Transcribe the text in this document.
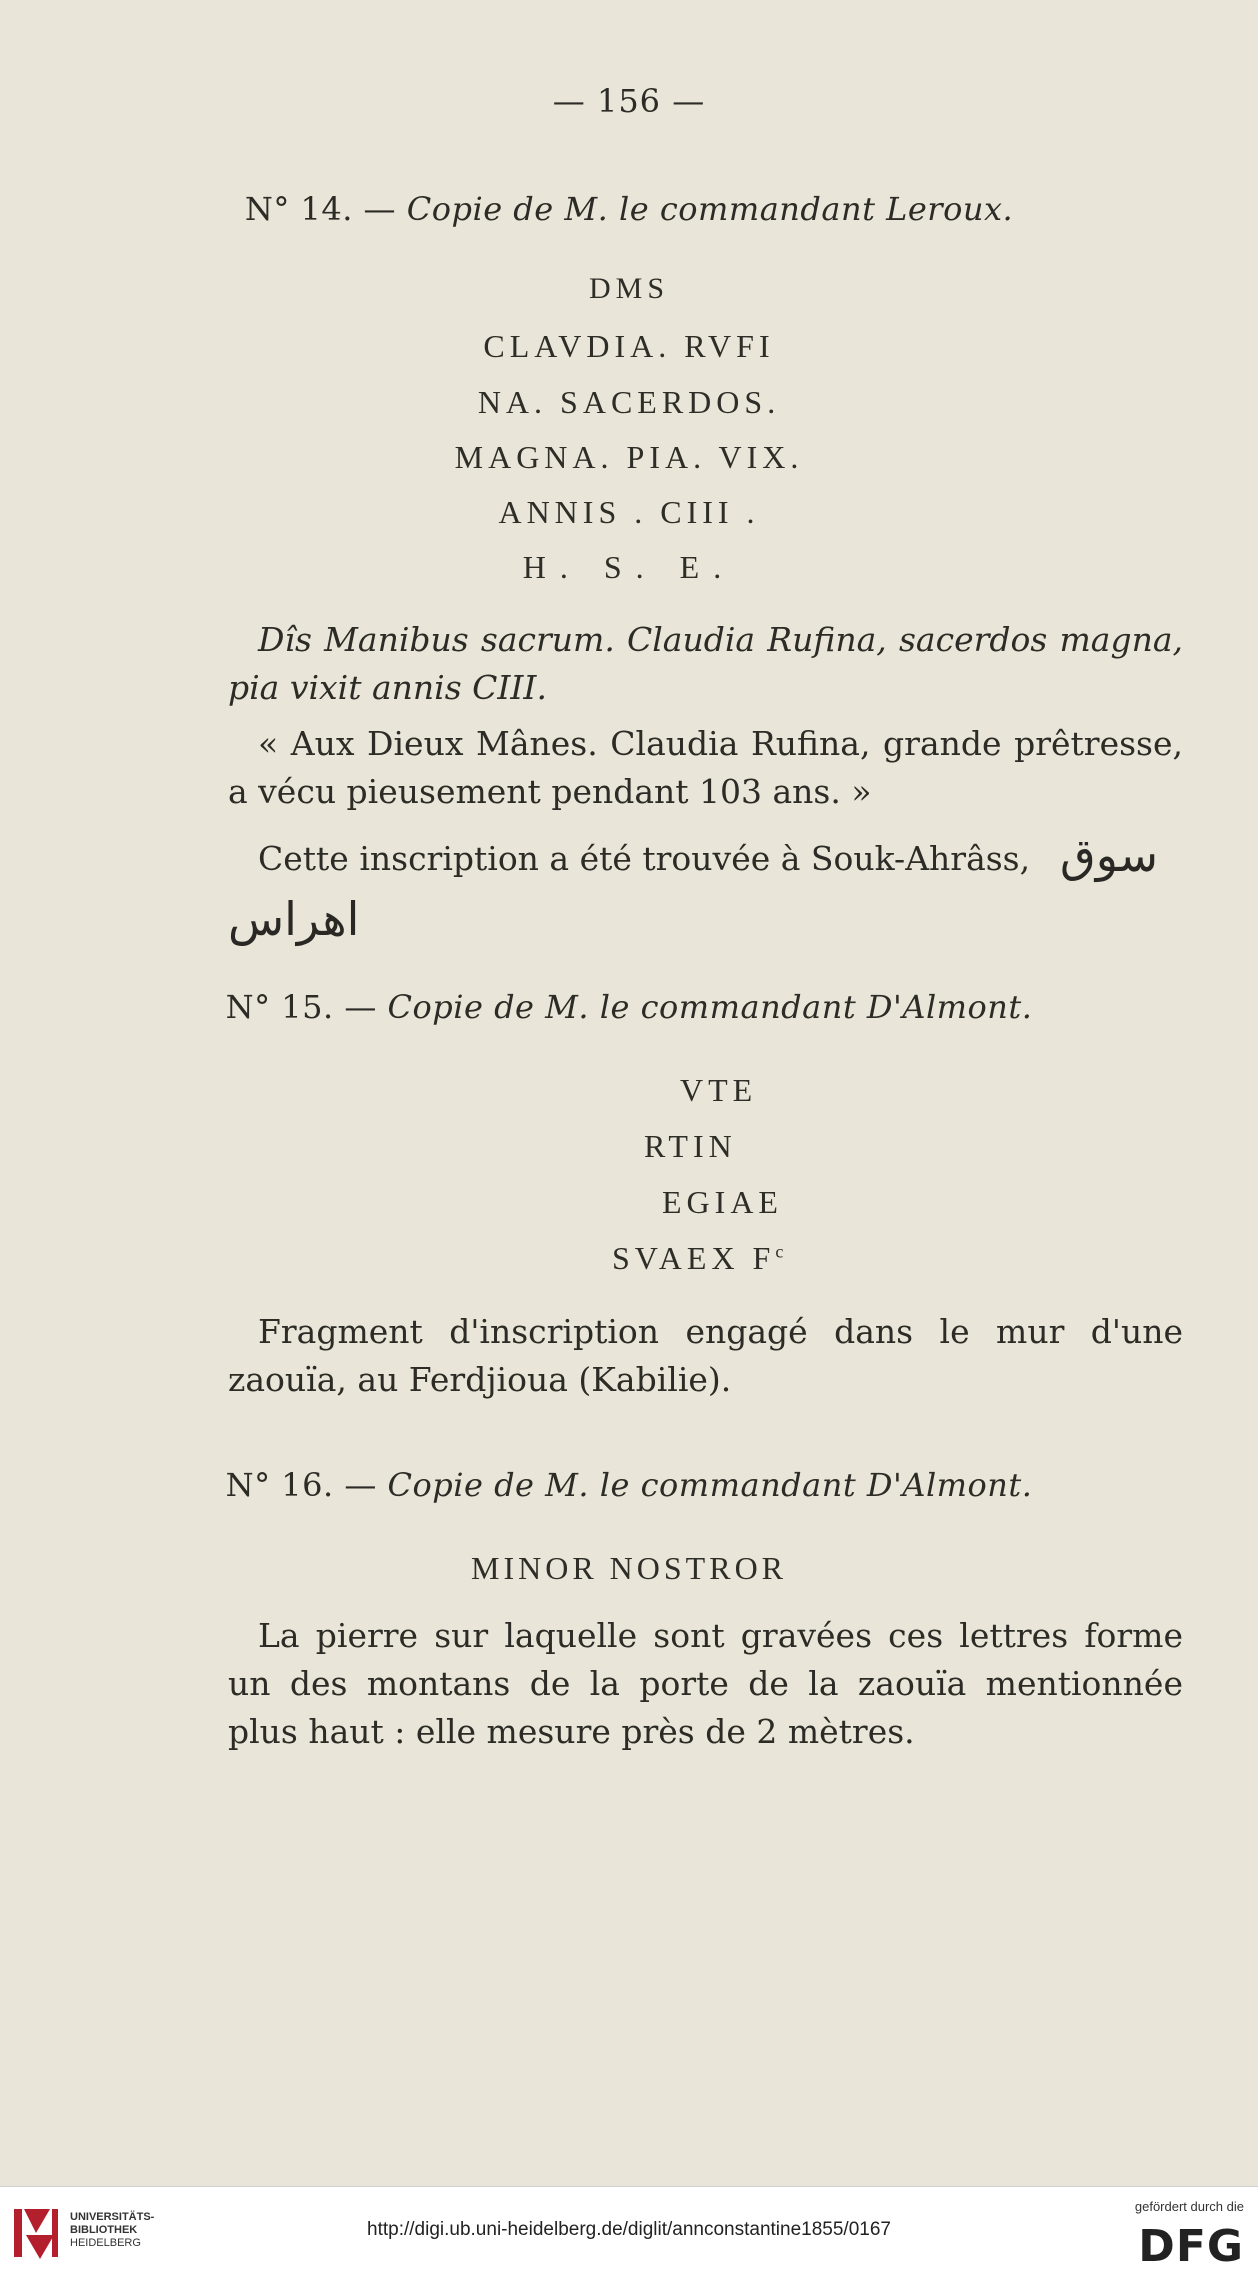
— 156 —
N° 14. — Copie de M. le commandant Leroux.
DMS
CLAVDIA. RVFI
NA. SACERDOS.
MAGNA. PIA. VIX.
ANNIS . CIII .
H. S. E.
Dîs Manibus sacrum. Claudia Rufina, sacerdos magna, pia vixit annis CIII.
« Aux Dieux Mânes. Claudia Rufina, grande prêtresse, a vécu pieusement pendant 103 ans. »
Cette inscription a été trouvée à Souk-Ahrâss, سوق
اهراس
N° 15. — Copie de M. le commandant D'Almont.
VTE
RTIN
EGIAE
SVAEX $F^c$
Fragment d'inscription engagé dans le mur d'une zaouïa, au Ferdjioua (Kabilie).
N° 16. — Copie de M. le commandant D'Almont.
MINOR NOSTROR
La pierre sur laquelle sont gravées ces lettres forme un des montans de la porte de la zaouïa mentionnée plus haut : elle mesure près de 2 mètres.
UNIVERSITÄTS-
BIBLIOTHEK
HEIDELBERG
http://digi.ub.uni-heidelberg.de/diglit/annconstantine1855/0167
gefördert durch die
DFG
